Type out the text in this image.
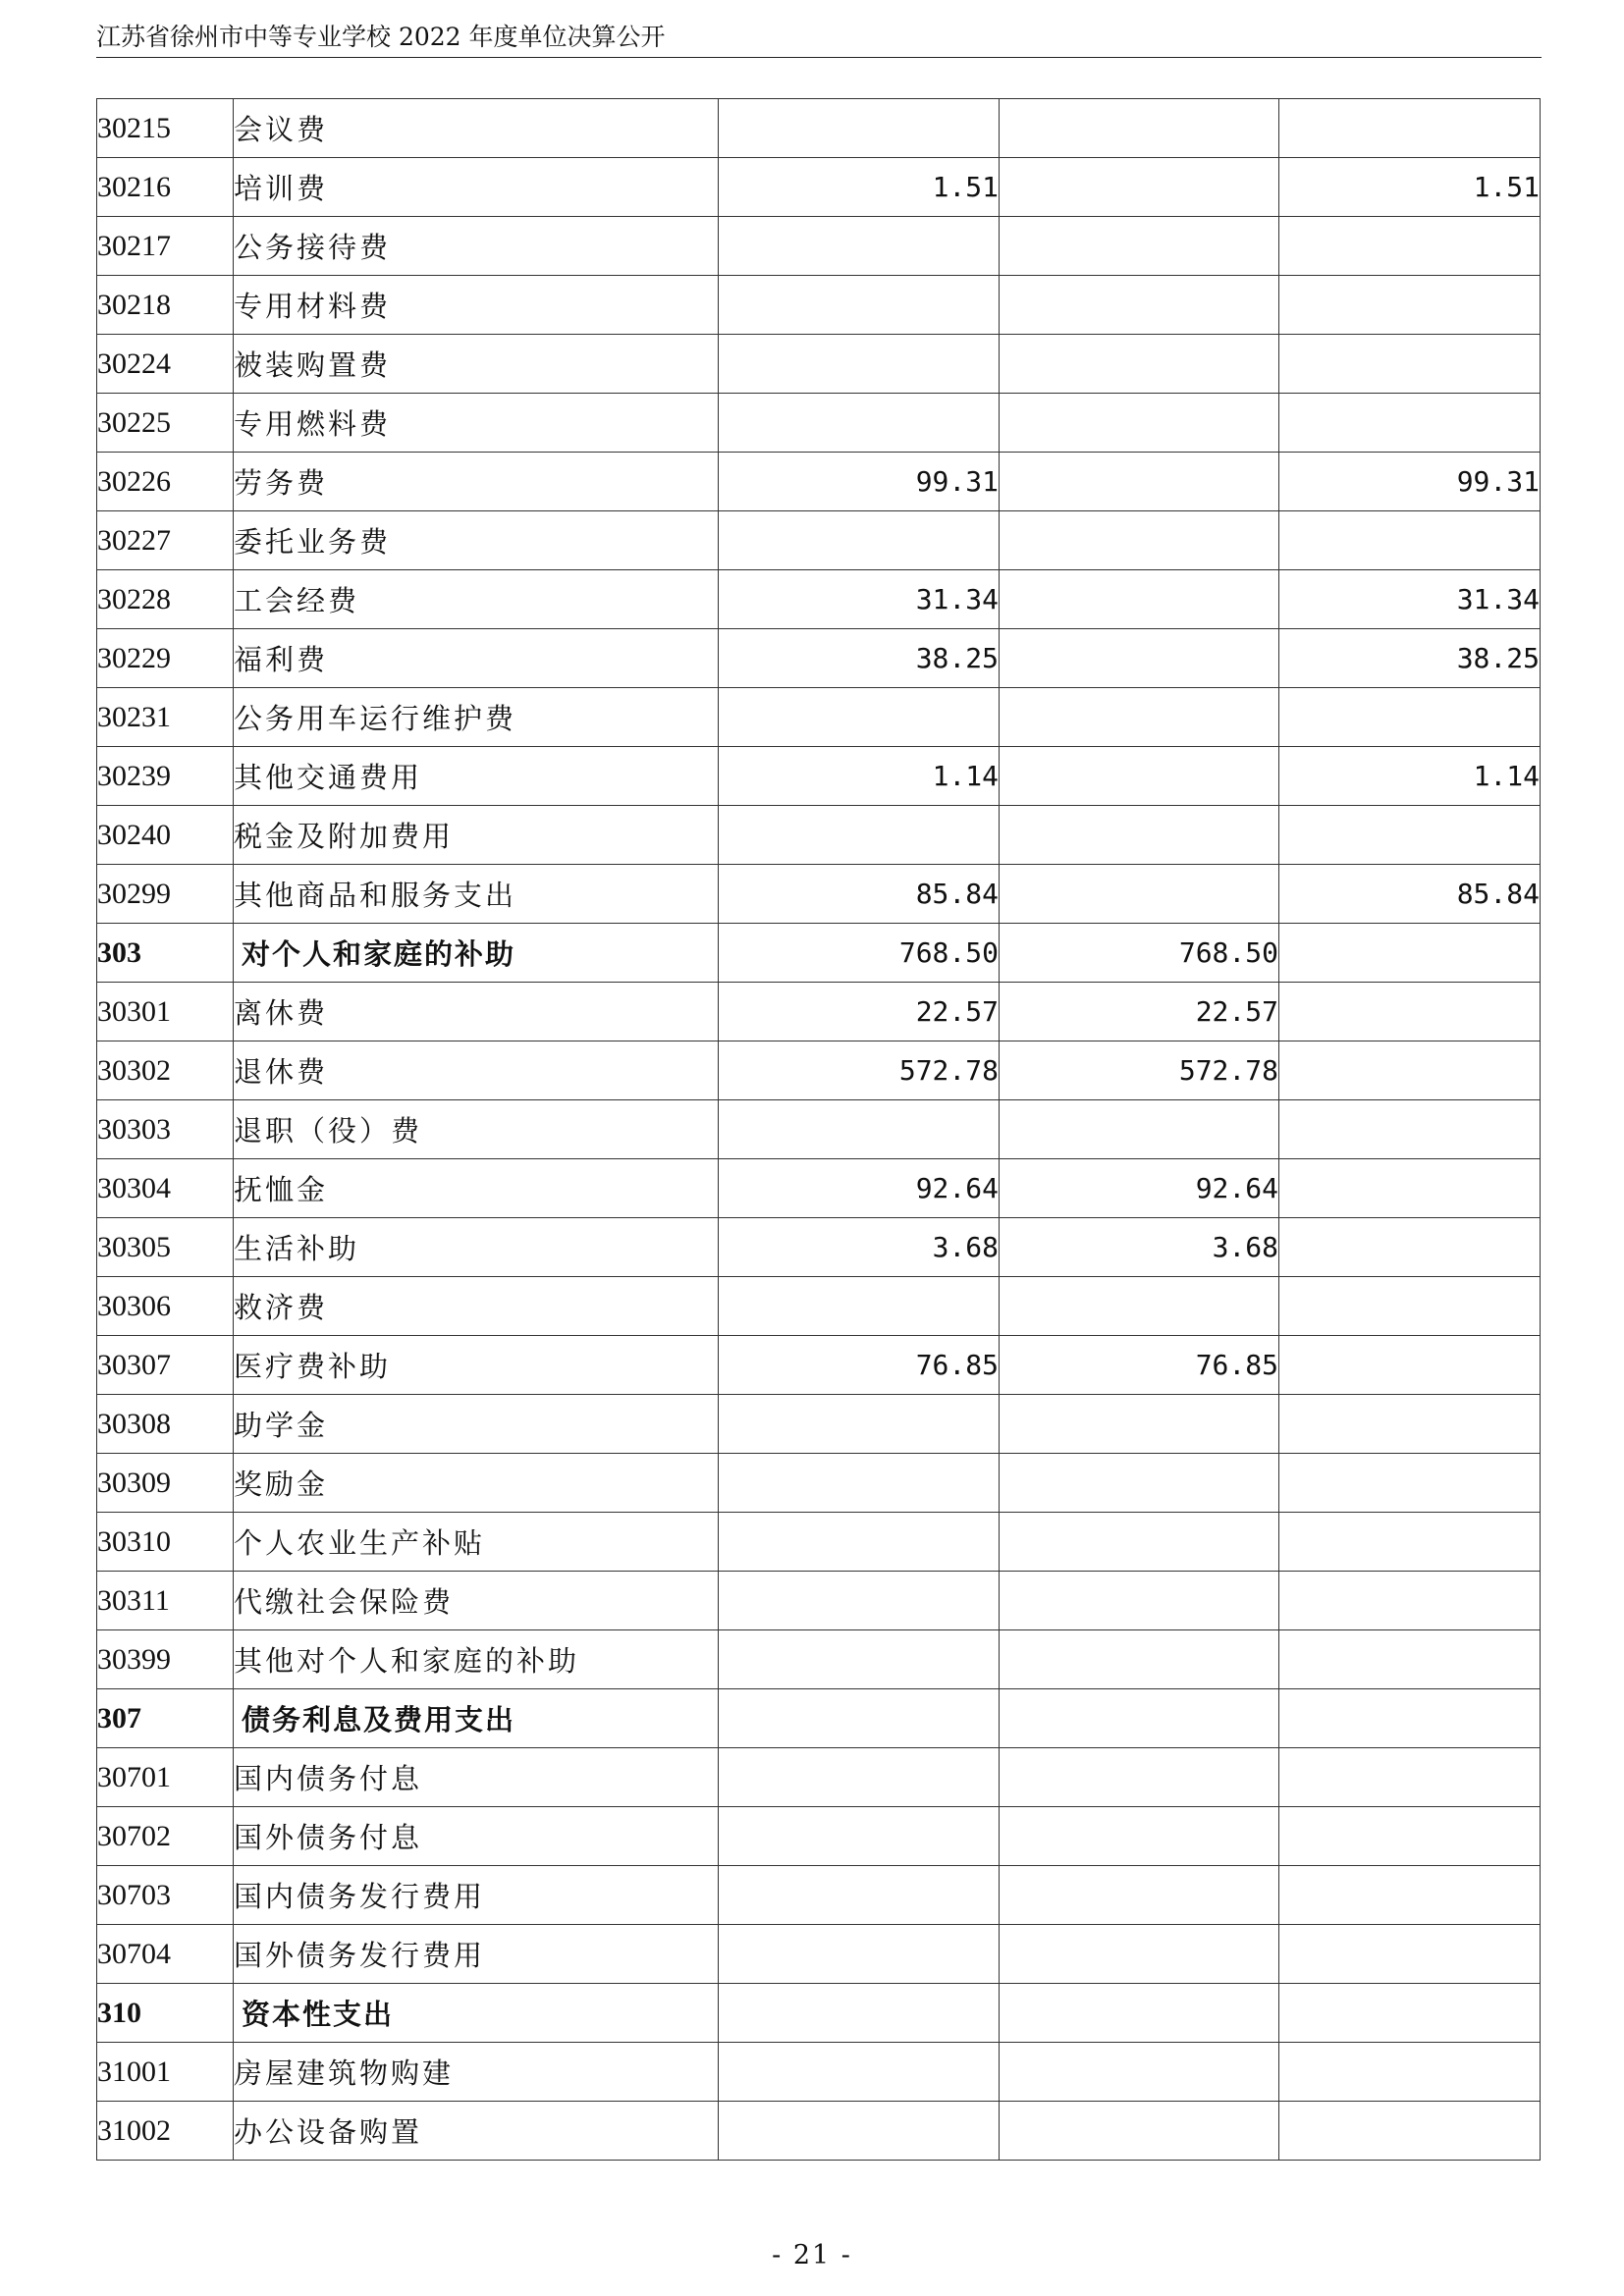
江苏省徐州市中等专业学校 2022 年度单位决算公开
30215	会议费			
30216	培训费	1.51		1.51
30217	公务接待费			
30218	专用材料费			
30224	被装购置费			
30225	专用燃料费			
30226	劳务费	99.31		99.31
30227	委托业务费			
30228	工会经费	31.34		31.34
30229	福利费	38.25		38.25
30231	公务用车运行维护费			
30239	其他交通费用	1.14		1.14
30240	税金及附加费用			
30299	其他商品和服务支出	85.84		85.84
303	对个人和家庭的补助	768.50	768.50	
30301	离休费	22.57	22.57	
30302	退休费	572.78	572.78	
30303	退职（役）费			
30304	抚恤金	92.64	92.64	
30305	生活补助	3.68	3.68	
30306	救济费			
30307	医疗费补助	76.85	76.85	
30308	助学金			
30309	奖励金			
30310	个人农业生产补贴			
30311	代缴社会保险费			
30399	其他对个人和家庭的补助			
307	债务利息及费用支出			
30701	国内债务付息			
30702	国外债务付息			
30703	国内债务发行费用			
30704	国外债务发行费用			
310	资本性支出			
31001	房屋建筑物购建			
31002	办公设备购置			
- 21 -
